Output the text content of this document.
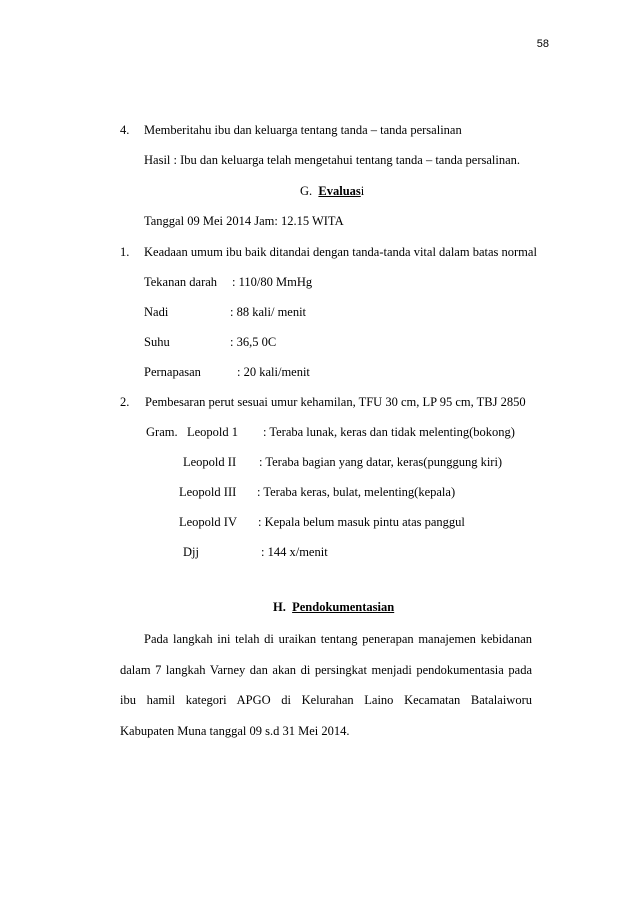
58
4. Memberitahu ibu dan keluarga tentang tanda – tanda persalinan
Hasil : Ibu dan keluarga telah mengetahui tentang tanda – tanda persalinan.
G. Evaluasi
Tanggal 09 Mei 2014 Jam: 12.15 WITA
1. Keadaan umum ibu baik ditandai dengan tanda-tanda vital dalam batas normal
Tekanan darah : 110/80 MmHg
Nadi	: 88 kali/ menit
Suhu	: 36,5 0C
Pernapasan	: 20 kali/menit
2. Pembesaran perut sesuai umur kehamilan, TFU 30 cm, LP 95 cm, TBJ 2850
Gram. Leopold 1 : Teraba lunak, keras dan tidak melenting(bokong)
Leopold II : Teraba bagian yang datar, keras(punggung kiri)
Leopold III : Teraba keras, bulat, melenting(kepala)
Leopold IV : Kepala belum masuk pintu atas panggul
Djj	: 144 x/menit
H. Pendokumentasian
Pada langkah ini telah di uraikan tentang penerapan manajemen kebidanan
dalam 7 langkah Varney dan akan di persingkat menjadi pendokumentasia pada
ibu hamil kategori APGO di Kelurahan Laino Kecamatan Batalaiworu
Kabupaten Muna tanggal 09 s.d 31 Mei 2014.
